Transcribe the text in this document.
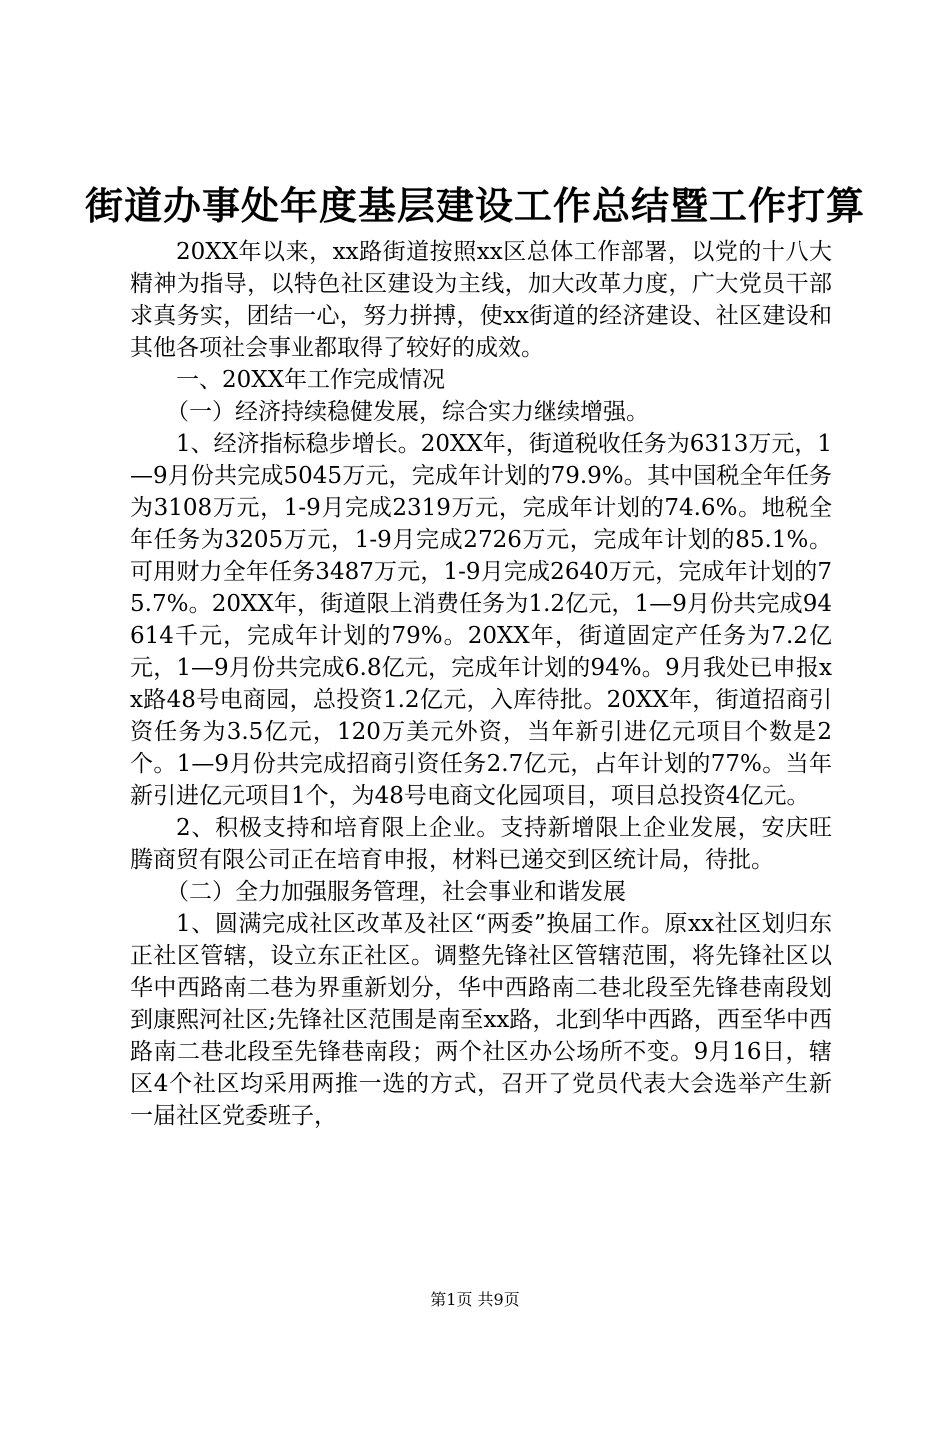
街道办事处年度基层建设工作总结暨工作打算

20XX年以来，xx路街道按照xx区总体工作部署，以党的十八大精神为指导，以特色社区建设为主线，加大改革力度，广大党员干部求真务实，团结一心，努力拼搏，使xx街道的经济建设、社区建设和其他各项社会事业都取得了较好的成效。

一、20XX年工作完成情况

（一）经济持续稳健发展，综合实力继续增强。

1、经济指标稳步增长。20XX年，街道税收任务为6313万元，1—9月份共完成5045万元，完成年计划的79.9%。其中国税全年任务为3108万元，1-9月完成2319万元，完成年计划的74.6%。地税全年任务为3205万元，1-9月完成2726万元，完成年计划的85.1%。可用财力全年任务3487万元，1-9月完成2640万元，完成年计划的75.7%。20XX年，街道限上消费任务为1.2亿元，1—9月份共完成94614千元，完成年计划的79%。20XX年，街道固定产任务为7.2亿元，1—9月份共完成6.8亿元，完成年计划的94%。9月我处已申报xx路48号电商园，总投资1.2亿元，入库待批。20XX年，街道招商引资任务为3.5亿元，120万美元外资，当年新引进亿元项目个数是2个。1—9月份共完成招商引资任务2.7亿元，占年计划的77%。当年新引进亿元项目1个，为48号电商文化园项目，项目总投资4亿元。

2、积极支持和培育限上企业。支持新增限上企业发展，安庆旺腾商贸有限公司正在培育申报，材料已递交到区统计局，待批。

（二）全力加强服务管理，社会事业和谐发展

1、圆满完成社区改革及社区“两委”换届工作。原xx社区划归东正社区管辖，设立东正社区。调整先锋社区管辖范围，将先锋社区以华中西路南二巷为界重新划分，华中西路南二巷北段至先锋巷南段划到康熙河社区;先锋社区范围是南至xx路，北到华中西路，西至华中西路南二巷北段至先锋巷南段；两个社区办公场所不变。9月16日，辖区4个社区均采用两推一选的方式，召开了党员代表大会选举产生新一届社区党委班子，

第1页 共9页
